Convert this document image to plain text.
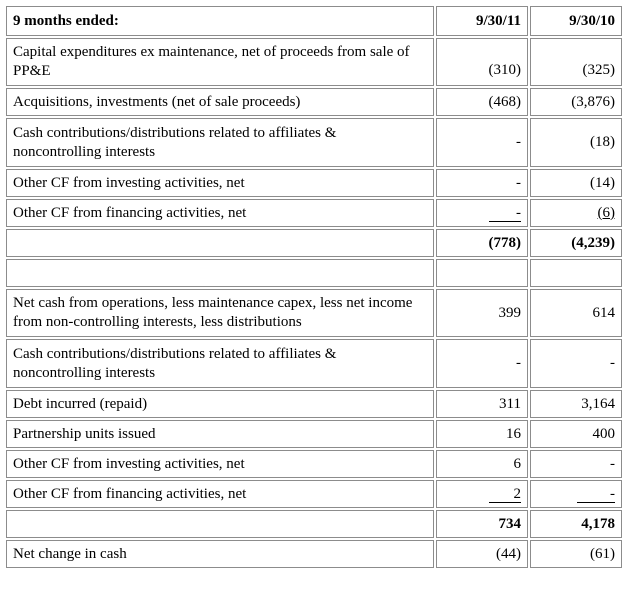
9 months ended:	9/30/11	9/30/10
Capital expenditures ex maintenance, net of proceeds from sale of PP&E	(310)	(325)
Acquisitions, investments (net of sale proceeds)	(468)	(3,876)
Cash contributions/distributions related to affiliates & noncontrolling interests	-	(18)
Other CF from investing activities, net	-	(14)
Other CF from financing activities, net	-	(6)
	(778)	(4,239)

Net cash from operations, less maintenance capex, less net income from non-controlling interests, less distributions	399	614
Cash contributions/distributions related to affiliates & noncontrolling interests	-	-
Debt incurred (repaid)	311	3,164
Partnership units issued	16	400
Other CF from investing activities, net	6	-
Other CF from financing activities, net	2	-
	734	4,178
Net change in cash	(44)	(61)
